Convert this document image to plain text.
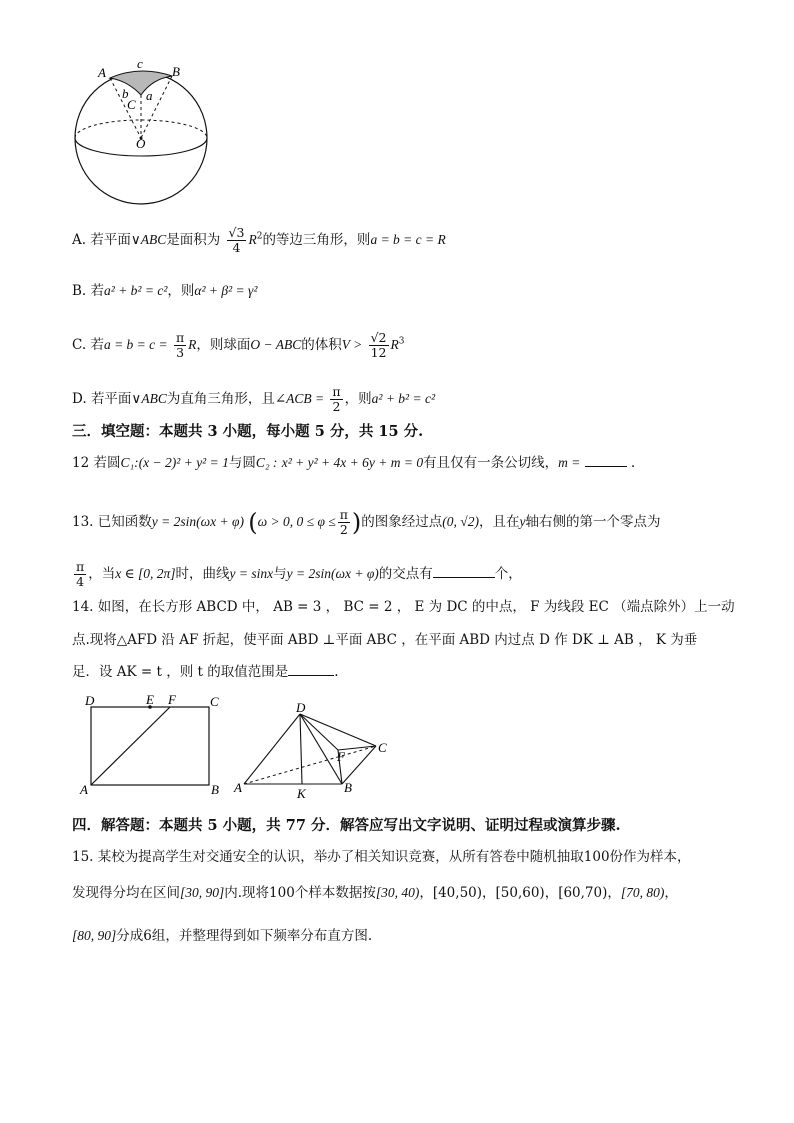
A	B
C
O
a
b
c
A. 若平面∨ABC是面积为 $\frac{√3}{4} R^2$的等边三角形，则a = b = c = R
B. 若a² + b² = c²，则α² + β² = γ²
C. 若$a = b = c = \frac{\pi}{3}$ R，则球面O − ABC的体积$V > \frac{√2}{12} R^3$
D. 若平面∨ABC为直角三角形，且∠ACB = $\frac{\pi}{2}$ ，则a² + b² = c²
三．填空题：本题共 3 小题，每小题 5 分，共 15 分.
12 若圆C₁:(x − 2)² + y² = 1与圆C₂ : x² + y² + 4x + 6y + m = 0有且仅有一条公切线，m =	.
13. 已知函数y = 2sin(ωx + φ) (ω > 0, $0 \le \varphi \le \frac{\pi}{2}$ )的图象经过点(0, √2)，且在y轴右侧的第一个零点为
$\frac{\pi}{4}$ ，当x ∈ [0, 2π]时，曲线y = sinx与y = 2sin(ωx + φ)的交点有	个，
14. 如图，在长方形 ABCD 中， AB = 3 ， BC = 2 ， E 为 DC 的中点， F 为线段 EC （端点除外）上一动
点.现将△AFD 沿 AF 折起，使平面 ABD ⊥平面 ABC ，在平面 ABD 内过点 D 作 DK ⊥ AB ， K 为垂
足．设 AK = t ，则 t 的取值范围是	.
D	E F	C
A	B
D
C
F
A	K	B
四．解答题：本题共 5 小题，共 77 分．解答应写出文字说明、证明过程或演算步骤.
15. 某校为提高学生对交通安全的认识，举办了相关知识竞赛，从所有答卷中随机抽取100份作为样本，
发现得分均在区间[30, 90]内.现将100个样本数据按[30, 40)，[40,50)，[50,60)，[60,70)，[70, 80)，
[80, 90]分成6组，并整理得到如下频率分布直方图.
